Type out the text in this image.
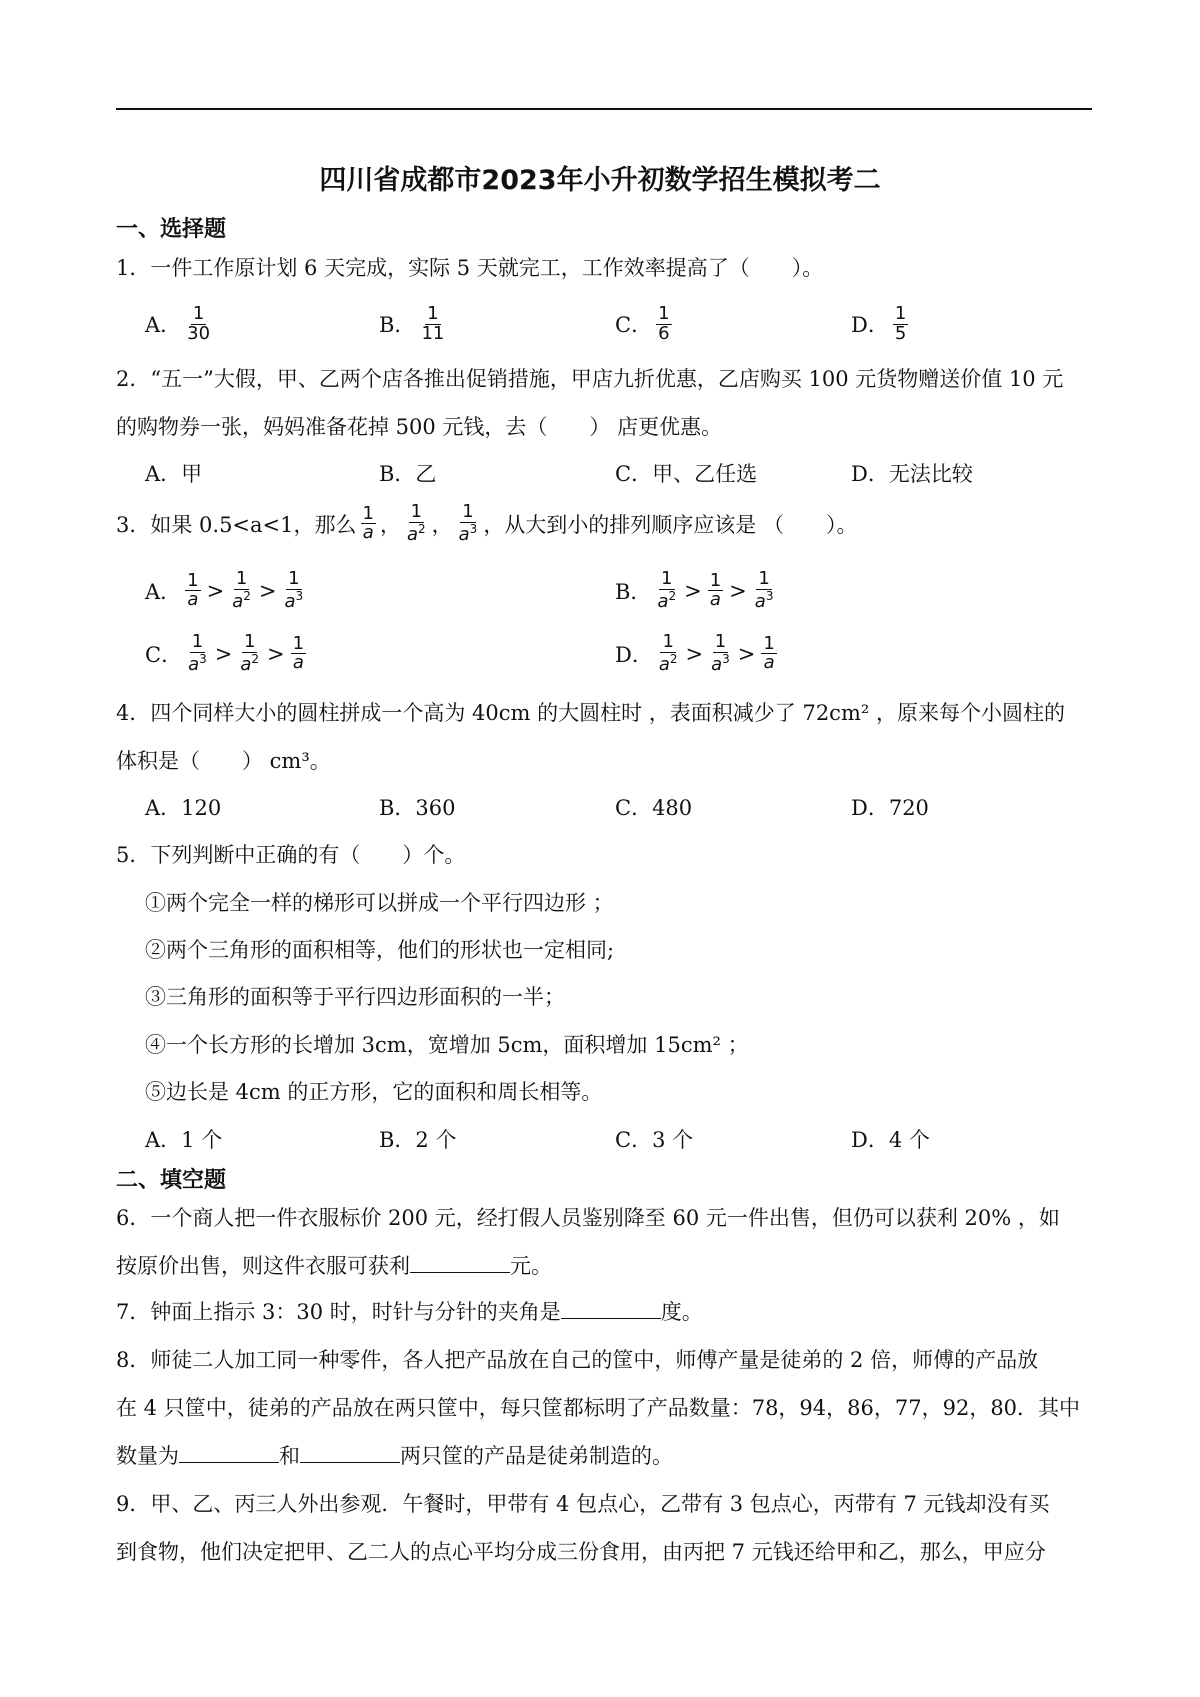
四川省成都市2023年小升初数学招生模拟考二
一、选择题
1．一件工作原计划 6 天完成，实际 5 天就完工，工作效率提高了（　　）。
A． $\frac{1}{30}$	B． $\frac{1}{11}$	C． $\frac{1}{6}$	D． $\frac{1}{5}$
2．“五一”大假，甲、乙两个店各推出促销措施，甲店九折优惠，乙店购买 100 元货物赠送价值 10 元
的购物券一张，妈妈准备花掉 500 元钱，去（　　） 店更优惠。
A．甲	B．乙	C．甲、乙任选	D．无法比较
3．如果 0.5<a<1，那么 $\frac{1}{a}$ ， $\frac{1}{a^2}$ ， $\frac{1}{a^3}$ ，从大到小的排列顺序应该是 （　　）。
A． $\frac{1}{a} > \frac{1}{a^2} > \frac{1}{a^3}$	B． $\frac{1}{a^2} > \frac{1}{a} > \frac{1}{a^3}$
C． $\frac{1}{a^3} > \frac{1}{a^2} > \frac{1}{a}$	D． $\frac{1}{a^2} > \frac{1}{a^3} > \frac{1}{a}$
4．四个同样大小的圆柱拼成一个高为 40cm 的大圆柱时 ，表面积减少了 72cm² ，原来每个小圆柱的
体积是（　　） cm³。
A．120	B．360	C．480	D．720
5．下列判断中正确的有（　　）个。
①两个完全一样的梯形可以拼成一个平行四边形 ；
②两个三角形的面积相等，他们的形状也一定相同;
③三角形的面积等于平行四边形面积的一半；
④一个长方形的长增加 3cm，宽增加 5cm，面积增加 15cm² ；
⑤边长是 4cm 的正方形，它的面积和周长相等。
A．1 个	B．2 个	C．3 个	D．4 个
二、填空题
6．一个商人把一件衣服标价 200 元，经打假人员鉴别降至 60 元一件出售，但仍可以获利 20% ，如
按原价出售，则这件衣服可获利	元。
7．钟面上指示 3：30 时，时针与分针的夹角是	度。
8．师徒二人加工同一种零件，各人把产品放在自己的筐中，师傅产量是徒弟的 2 倍，师傅的产品放
在 4 只筐中，徒弟的产品放在两只筐中，每只筐都标明了产品数量：78，94，86，77，92，80．其中
数量为	和	两只筐的产品是徒弟制造的。
9．甲、乙、丙三人外出参观．午餐时，甲带有 4 包点心，乙带有 3 包点心，丙带有 7 元钱却没有买
到食物，他们决定把甲、乙二人的点心平均分成三份食用，由丙把 7 元钱还给甲和乙，那么，甲应分
